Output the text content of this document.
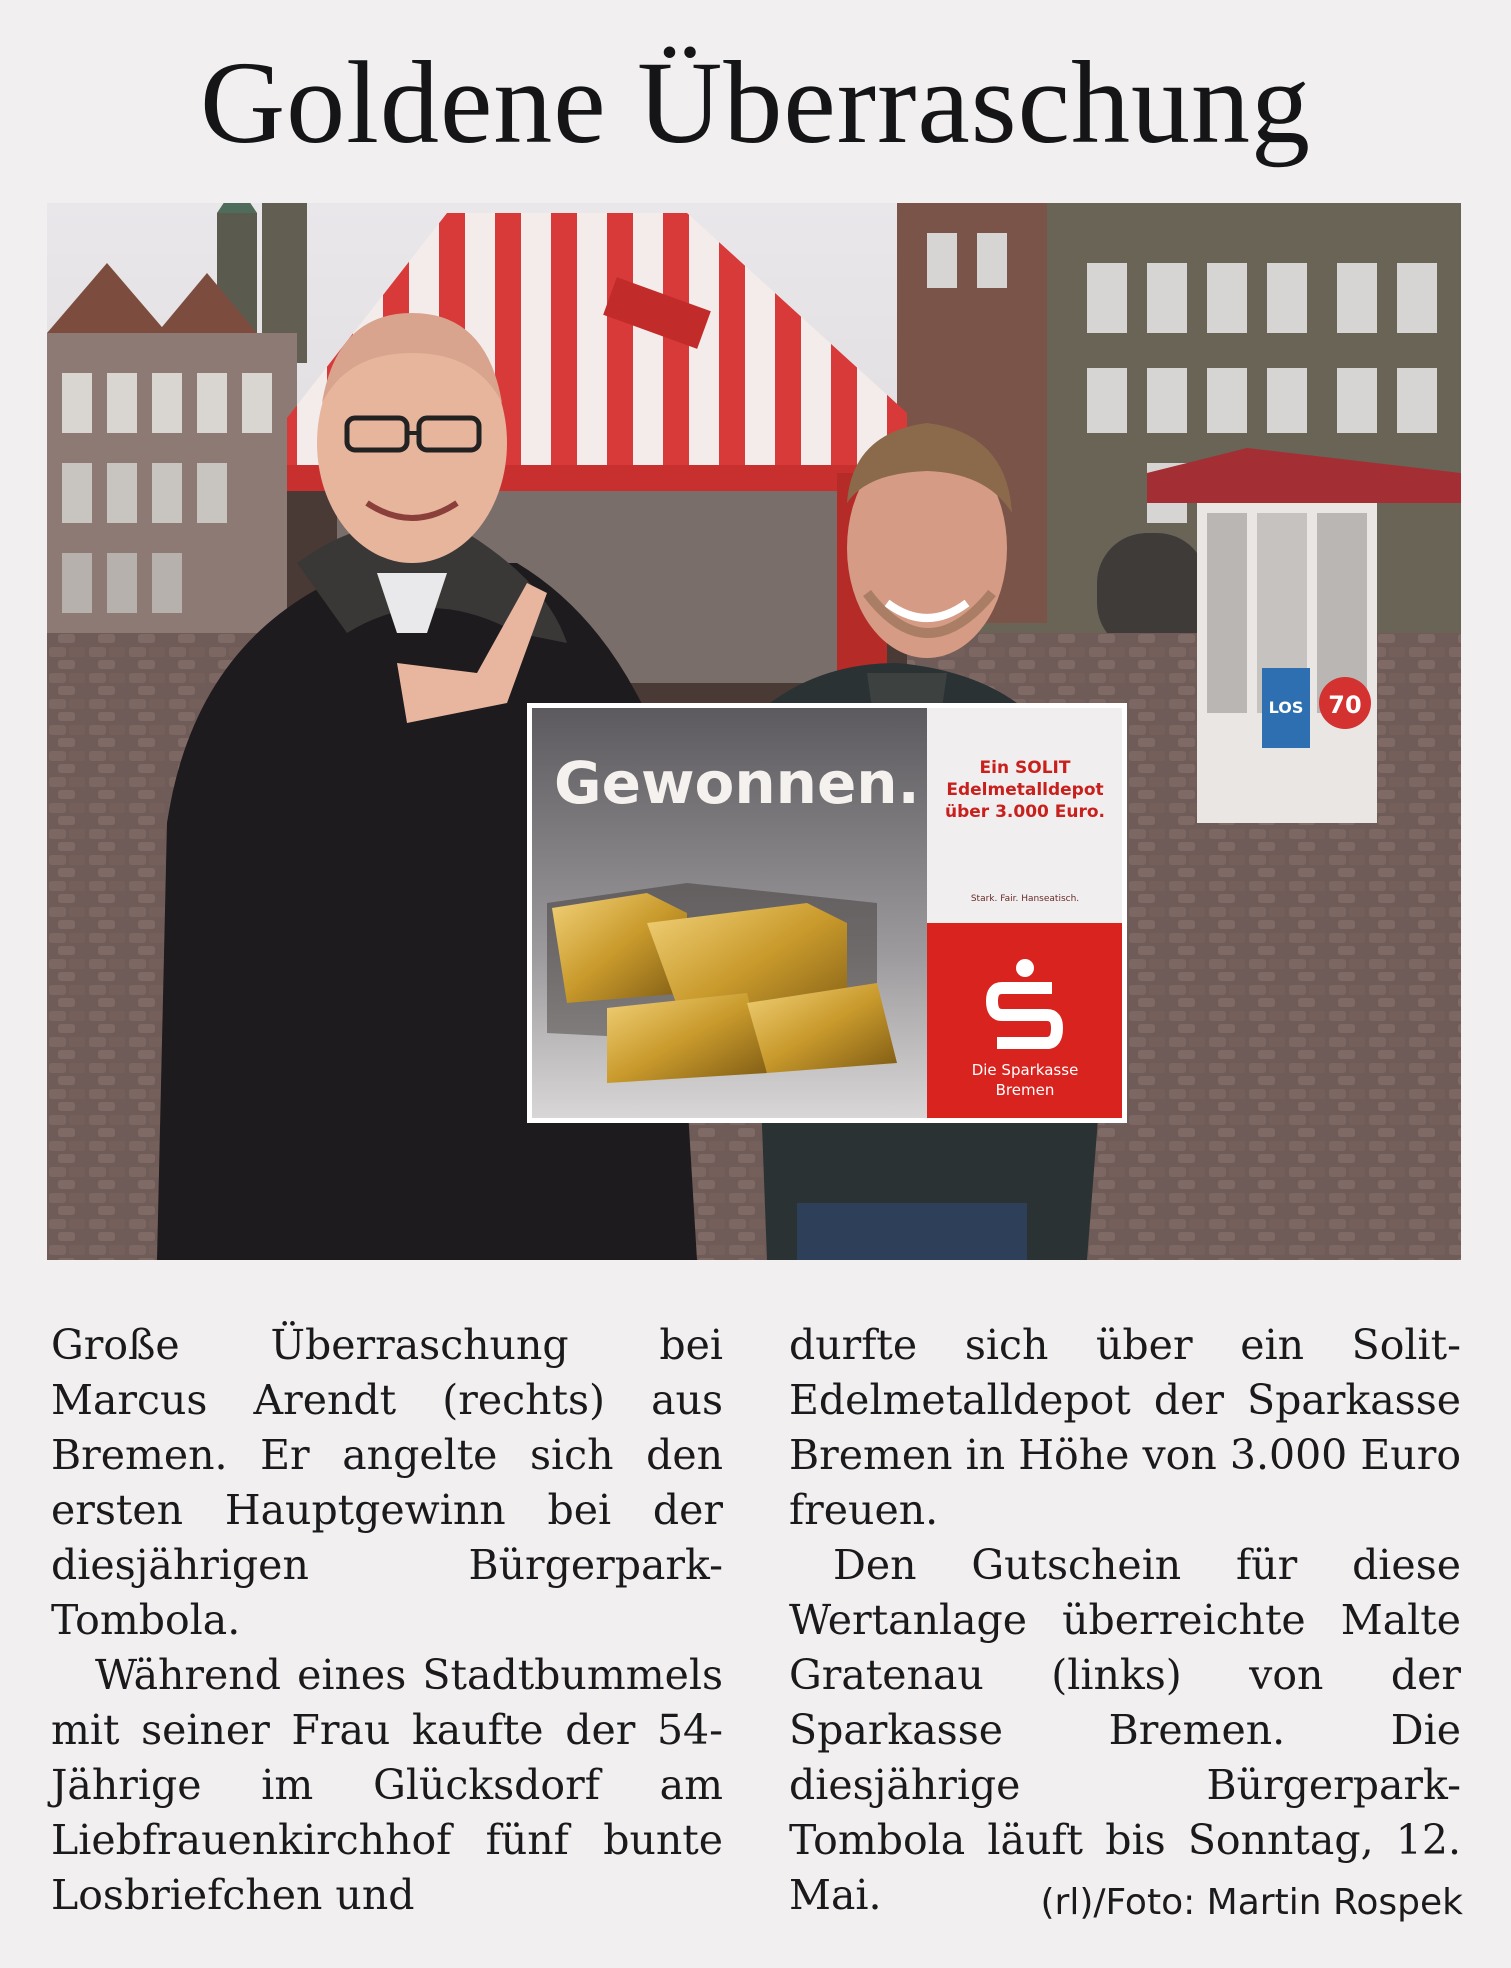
Goldene Überraschung
LOS 70
Gewonnen.	Ein SOLIT
Edelmetalldepot
über 3.000 Euro.
Stark. Fair. Hanseatisch.
Die Sparkasse
Bremen

Große Überraschung bei Marcus Arendt (rechts) aus Bremen. Er angelte sich den ersten Hauptgewinn bei der diesjährigen Bürgerpark-Tombola.

Während eines Stadtbummels mit seiner Frau kaufte der 54-Jährige im Glücksdorf am Liebfrauenkirchhof fünf bunte Losbriefchen und

durfte sich über ein Solit-Edelmetalldepot der Sparkasse Bremen in Höhe von 3.000 Euro freuen.

Den Gutschein für diese Wertanlage überreichte Malte Gratenau (links) von der Sparkasse Bremen. Die diesjährige Bürgerpark-Tombola läuft bis Sonntag, 12. Mai.	(rl)/Foto: Martin Rospek
